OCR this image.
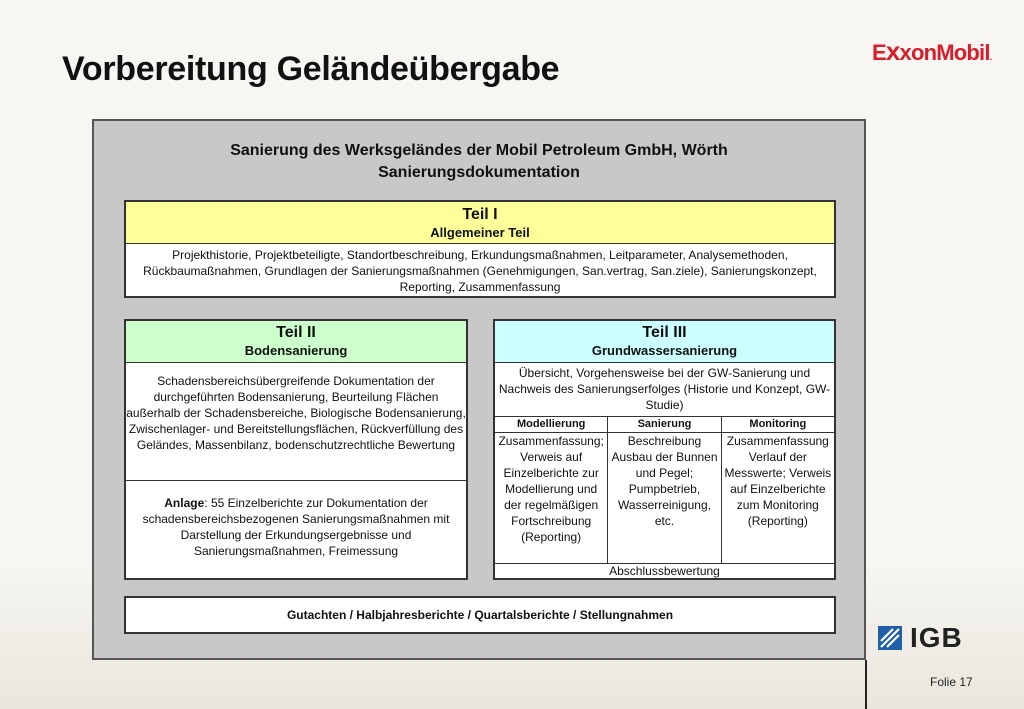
Vorbereitung Geländeübergabe	ExxonMobil.
Sanierung des Werksgeländes der Mobil Petroleum GmbH, Wörth
Sanierungsdokumentation
Teil I
Allgemeiner Teil
Projekthistorie, Projektbeteiligte, Standortbeschreibung, Erkundungsmaßnahmen, Leitparameter, Analysemethoden, Rückbaumaßnahmen, Grundlagen der Sanierungsmaßnahmen (Genehmigungen, San.vertrag, San.ziele), Sanierungskonzept, Reporting, Zusammenfassung
Teil II
Bodensanierung
Schadensbereichsübergreifende Dokumentation der durchgeführten Bodensanierung, Beurteilung Flächen außerhalb der Schadensbereiche, Biologische Bodensanierung, Zwischenlager- und Bereitstellungsflächen, Rückverfüllung des Geländes, Massenbilanz, bodenschutzrechtliche Bewertung
Anlage: 55 Einzelberichte zur Dokumentation der schadensbereichsbezogenen Sanierungsmaßnahmen mit Darstellung der Erkundungsergebnisse und Sanierungsmaßnahmen, Freimessung
Teil III
Grundwassersanierung
Übersicht, Vorgehensweise bei der GW-Sanierung und Nachweis des Sanierungserfolges (Historie und Konzept, GW-Studie)
Modellierung
Zusammenfassung; Verweis auf Einzelberichte zur Modellierung und der regelmäßigen Fortschreibung (Reporting)
Sanierung
Beschreibung Ausbau der Bunnen und Pegel; Pumpbetrieb, Wasserreinigung, etc.
Monitoring
Zusammenfassung Verlauf der Messwerte; Verweis auf Einzelberichte zum Monitoring (Reporting)
Abschlussbewertung
Gutachten / Halbjahresberichte / Quartalsberichte / Stellungnahmen
IGB
Folie 17
